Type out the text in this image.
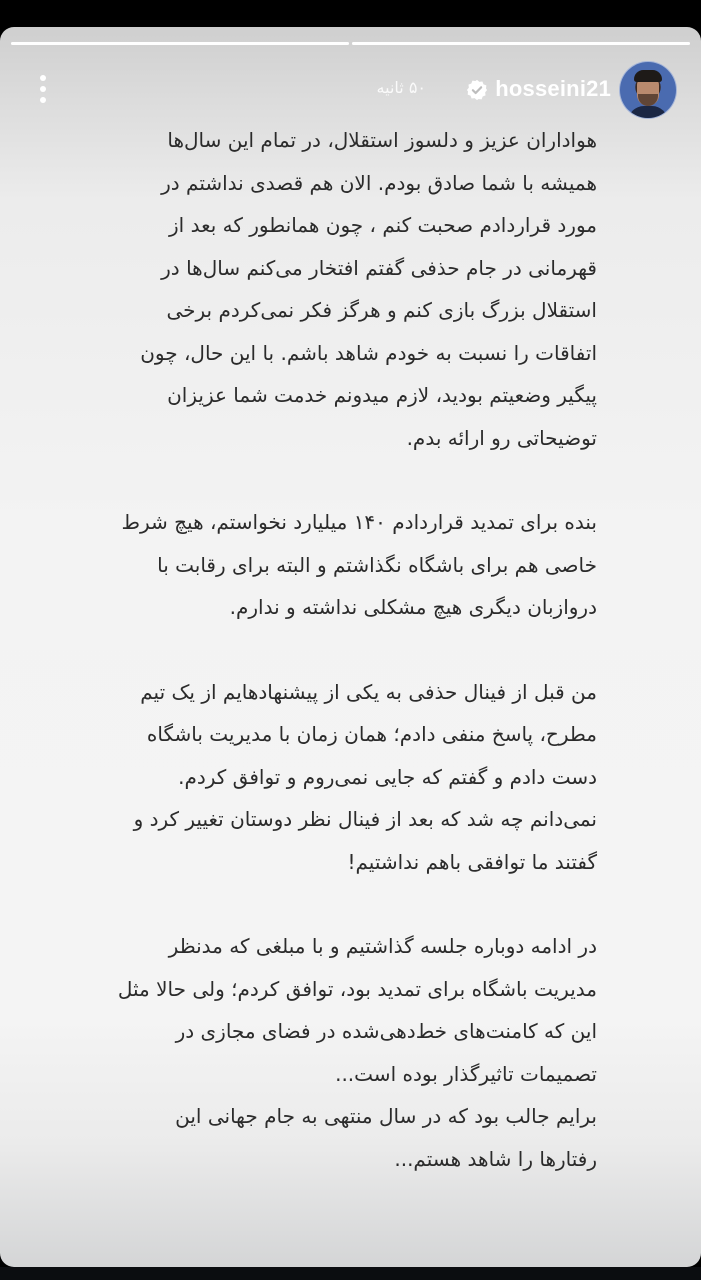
۵۰ ثانیه	hosseini21

هواداران عزیز و دلسوز استقلال، در تمام این سال‌ها
همیشه با شما صادق بودم. الان هم قصدی نداشتم در
مورد قراردادم صحبت کنم ، چون همانطور که بعد از
قهرمانی در جام حذفی گفتم افتخار می‌کنم سال‌ها در
استقلال بزرگ بازی کنم و هرگز فکر نمی‌کردم برخی
اتفاقات را نسبت به خودم شاهد باشم. با این حال، چون
پیگیر وضعیتم بودید، لازم میدونم خدمت شما عزیزان
توضیحاتی رو ارائه بدم.

بنده برای تمدید قراردادم ۱۴۰ میلیارد نخواستم، هیچ شرط
خاصی هم برای باشگاه نگذاشتم و البته برای رقابت با
دروازبان دیگری هیچ مشکلی نداشته و ندارم.

من قبل از فینال حذفی به یکی از پیشنهادهایم از یک تیم
مطرح، پاسخ منفی دادم؛ همان زمان با مدیریت باشگاه
دست دادم و گفتم که جایی نمی‌روم و توافق کردم.
نمی‌دانم چه شد که بعد از فینال نظر دوستان تغییر کرد و
گفتند ما توافقی باهم نداشتیم!

در ادامه دوباره جلسه گذاشتیم و با مبلغی که مدنظر
مدیریت باشگاه برای تمدید بود، توافق کردم؛ ولی حالا مثل
این که کامنت‌های خط‌دهی‌شده در فضای مجازی در
تصمیمات تاثیرگذار بوده است...
برایم جالب بود که در سال منتهی به جام جهانی این
رفتارها را شاهد هستم...
